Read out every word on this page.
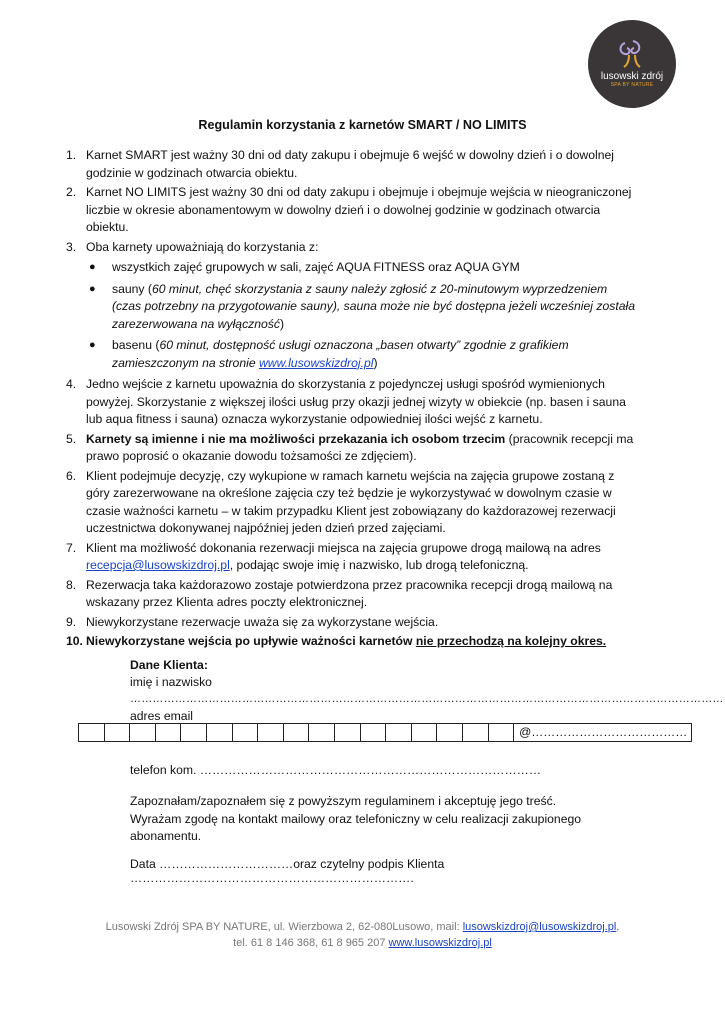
lusowski zdrój
SPA BY NATURE
Regulamin korzystania z karnetów SMART / NO LIMITS
1. Karnet SMART jest ważny 30 dni od daty zakupu i obejmuje 6 wejść w dowolny dzień i o dowolnej godzinie w godzinach otwarcia obiektu.
2. Karnet NO LIMITS jest ważny 30 dni od daty zakupu i obejmuje i obejmuje wejścia w nieograniczonej liczbie w okresie abonamentowym w dowolny dzień i o dowolnej godzinie w godzinach otwarcia obiektu.
3. Oba karnety upoważniają do korzystania z:
● wszystkich zajęć grupowych w sali, zajęć AQUA FITNESS oraz AQUA GYM
● sauny (60 minut, chęć skorzystania z sauny należy zgłosić z 20-minutowym wyprzedzeniem (czas potrzebny na przygotowanie sauny), sauna może nie być dostępna jeżeli wcześniej została zarezerwowana na wyłączność)
● basenu (60 minut, dostępność usługi oznaczona „basen otwarty” zgodnie z grafikiem zamieszczonym na stronie www.lusowskizdroj.pl)
4. Jedno wejście z karnetu upoważnia do skorzystania z pojedynczej usługi spośród wymienionych powyżej. Skorzystanie z większej ilości usług przy okazji jednej wizyty w obiekcie (np. basen i sauna lub aqua fitness i sauna) oznacza wykorzystanie odpowiedniej ilości wejść z karnetu.
5. Karnety są imienne i nie ma możliwości przekazania ich osobom trzecim (pracownik recepcji ma prawo poprosić o okazanie dowodu tożsamości ze zdjęciem).
6. Klient podejmuje decyzję, czy wykupione w ramach karnetu wejścia na zajęcia grupowe zostaną z góry zarezerwowane na określone zajęcia czy też będzie je wykorzystywać w dowolnym czasie w czasie ważności karnetu – w takim przypadku Klient jest zobowiązany do każdorazowej rezerwacji uczestnictwa dokonywanej najpóźniej jeden dzień przed zajęciami.
7. Klient ma możliwość dokonania rezerwacji miejsca na zajęcia grupowe drogą mailową na adres recepcja@lusowskizdroj.pl, podając swoje imię i nazwisko, lub drogą telefoniczną.
8. Rezerwacja taka każdorazowo zostaje potwierdzona przez pracownika recepcji drogą mailową na wskazany przez Klienta adres poczty elektronicznej.
9. Niewykorzystane rezerwacje uważa się za wykorzystane wejścia.
10. Niewykorzystane wejścia po upływie ważności karnetów nie przechodzą na kolejny okres.
Dane Klienta:
imię i nazwisko
……………………………………………………………………………………………………………………………………………
adres email
@…………………………………
telefon kom. …………………………………………………………………………
Zapoznałam/zapoznałem się z powyższym regulaminem i akceptuję jego treść. Wyrażam zgodę na kontakt mailowy oraz telefoniczny w celu realizacji zakupionego abonamentu.
Data ……………………………oraz czytelny podpis Klienta …………………………………………………………….
Lusowski Zdrój SPA BY NATURE, ul. Wierzbowa 2, 62-080Lusowo, mail: lusowskizdroj@lusowskizdroj.pl,
tel. 61 8 146 368, 61 8 965 207 www.lusowskizdroj.pl
